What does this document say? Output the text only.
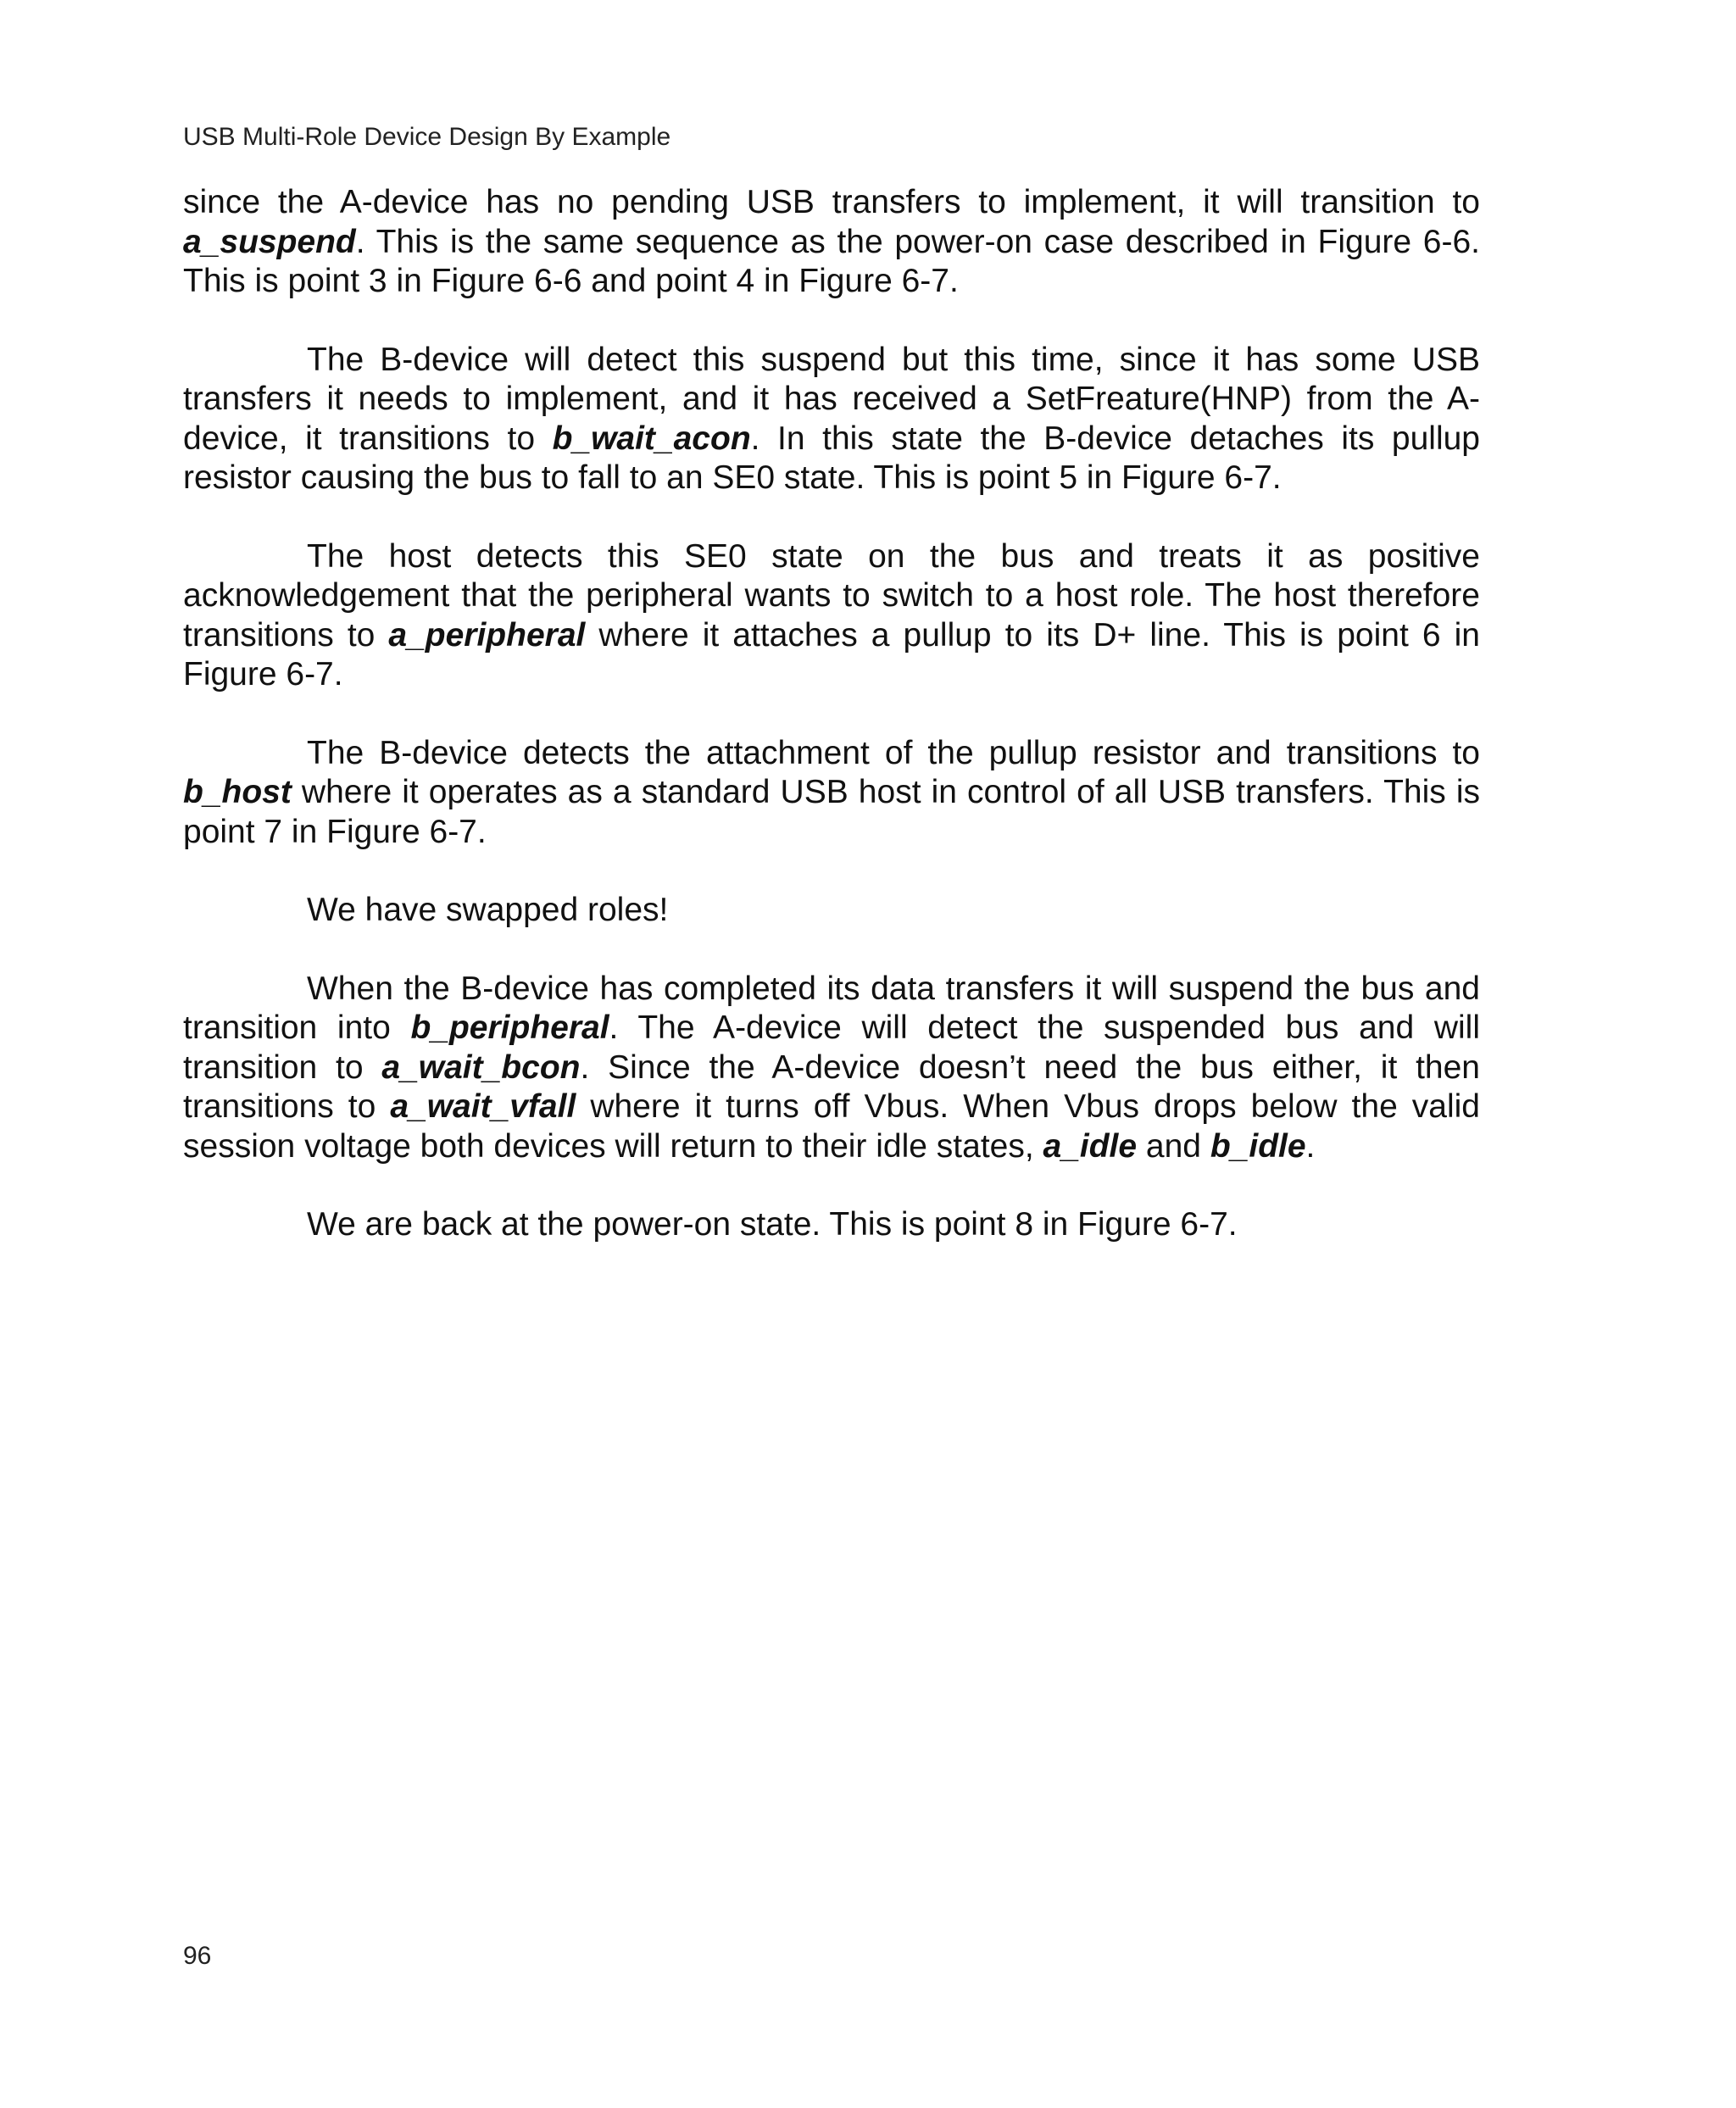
USB Multi-Role Device Design By Example

since the A-device has no pending USB transfers to implement, it will transition to a_suspend. This is the same sequence as the power-on case described in Figure 6-6. This is point 3 in Figure 6-6 and point 4 in Figure 6-7.

The B-device will detect this suspend but this time, since it has some USB transfers it needs to implement, and it has received a SetFreature(HNP) from the A-device, it transitions to b_wait_acon. In this state the B-device detaches its pullup resistor causing the bus to fall to an SE0 state. This is point 5 in Figure 6-7.

The host detects this SE0 state on the bus and treats it as positive acknowledgement that the peripheral wants to switch to a host role. The host therefore transitions to a_peripheral where it attaches a pullup to its D+ line. This is point 6 in Figure 6-7.

The B-device detects the attachment of the pullup resistor and transitions to b_host where it operates as a standard USB host in control of all USB transfers. This is point 7 in Figure 6-7.

We have swapped roles!

When the B-device has completed its data transfers it will suspend the bus and transition into b_peripheral. The A-device will detect the suspended bus and will transition to a_wait_bcon. Since the A-device doesn’t need the bus either, it then transitions to a_wait_vfall where it turns off Vbus. When Vbus drops below the valid session voltage both devices will return to their idle states, a_idle and b_idle.

We are back at the power-on state. This is point 8 in Figure 6-7.

96
